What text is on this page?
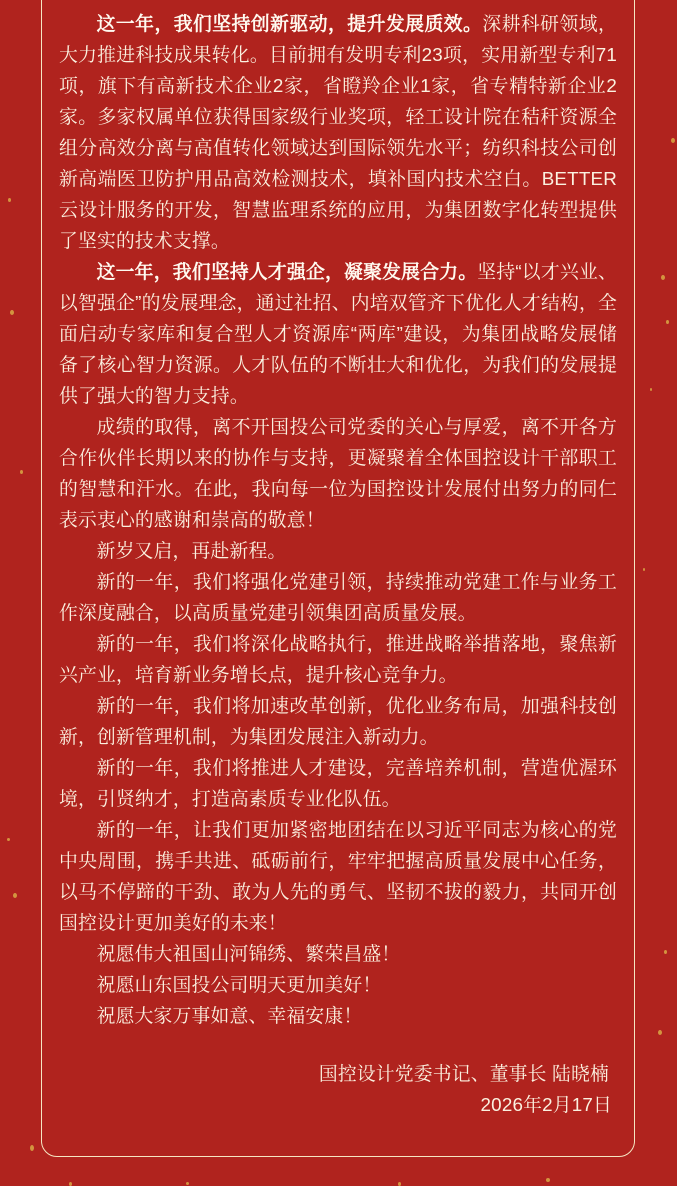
这一年，我们坚持创新驱动，提升发展质效。深耕科研领域，大力推进科技成果转化。目前拥有发明专利23项，实用新型专利71项，旗下有高新技术企业2家，省瞪羚企业1家，省专精特新企业2家。多家权属单位获得国家级行业奖项，轻工设计院在秸秆资源全组分高效分离与高值转化领域达到国际领先水平；纺织科技公司创新高端医卫防护用品高效检测技术，填补国内技术空白。BETTER云设计服务的开发，智慧监理系统的应用，为集团数字化转型提供了坚实的技术支撑。

这一年，我们坚持人才强企，凝聚发展合力。坚持“以才兴业、以智强企”的发展理念，通过社招、内培双管齐下优化人才结构，全面启动专家库和复合型人才资源库“两库”建设，为集团战略发展储备了核心智力资源。人才队伍的不断壮大和优化，为我们的发展提供了强大的智力支持。

成绩的取得，离不开国投公司党委的关心与厚爱，离不开各方合作伙伴长期以来的协作与支持，更凝聚着全体国控设计干部职工的智慧和汗水。在此，我向每一位为国控设计发展付出努力的同仁表示衷心的感谢和崇高的敬意！

新岁又启，再赴新程。

新的一年，我们将强化党建引领，持续推动党建工作与业务工作深度融合，以高质量党建引领集团高质量发展。

新的一年，我们将深化战略执行，推进战略举措落地，聚焦新兴产业，培育新业务增长点，提升核心竞争力。

新的一年，我们将加速改革创新，优化业务布局，加强科技创新，创新管理机制，为集团发展注入新动力。

新的一年，我们将推进人才建设，完善培养机制，营造优渥环境，引贤纳才，打造高素质专业化队伍。

新的一年，让我们更加紧密地团结在以习近平同志为核心的党中央周围，携手共进、砥砺前行，牢牢把握高质量发展中心任务，以马不停蹄的干劲、敢为人先的勇气、坚韧不拔的毅力，共同开创国控设计更加美好的未来！

祝愿伟大祖国山河锦绣、繁荣昌盛！

祝愿山东国投公司明天更加美好！

祝愿大家万事如意、幸福安康！

国控设计党委书记、董事长 陆晓楠

2026年2月17日
